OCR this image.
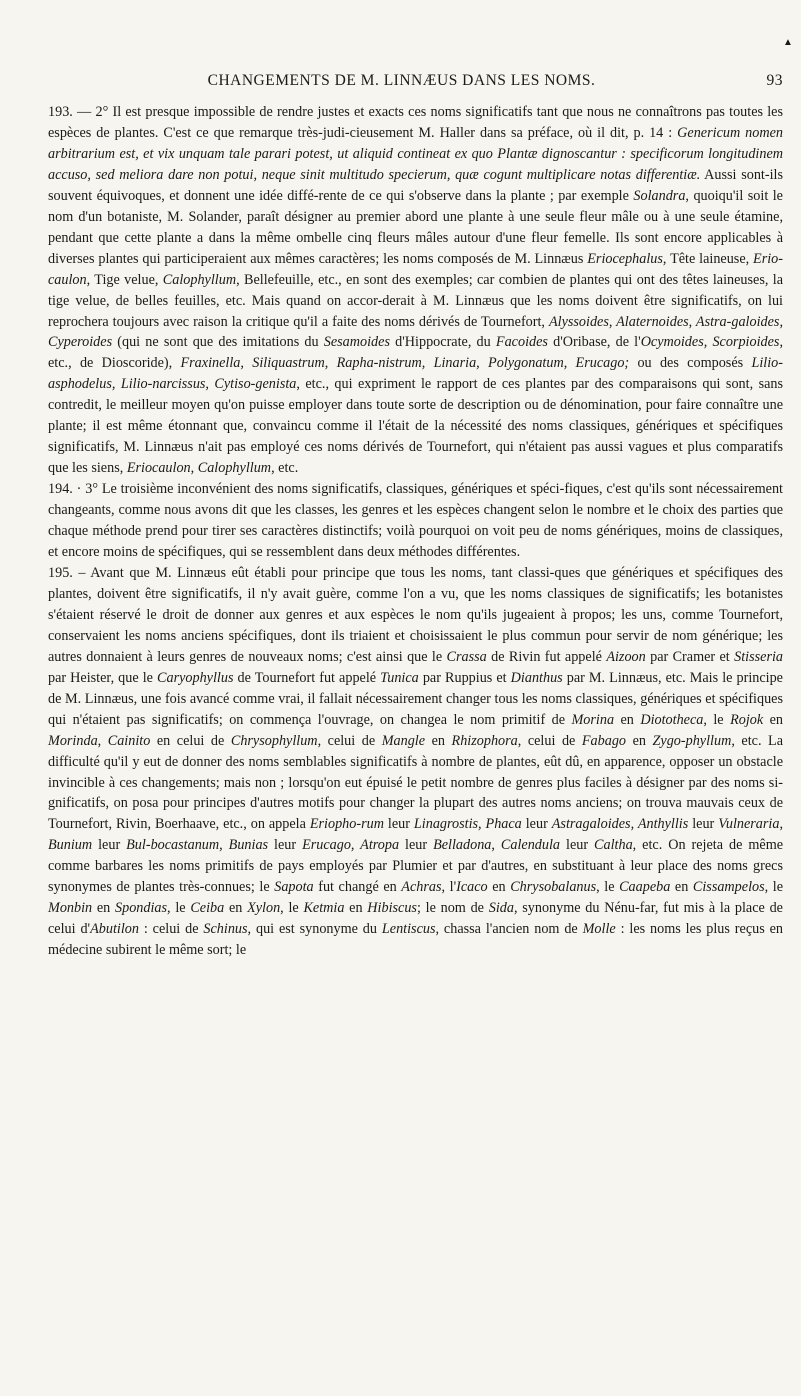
▲
CHANGEMENTS DE M. LINNÆUS DANS LES NOMS.	93

193. — 2° Il est presque impossible de rendre justes et exacts ces noms significatifs tant que nous ne connaîtrons pas toutes les espèces de plantes. C'est ce que remarque très-judi-cieusement M. Haller dans sa préface, où il dit, p. 14 : Genericum nomen arbitrarium est, et vix unquam tale parari potest, ut aliquid contineat ex quo Plantæ dignoscantur : specificorum longitudinem accuso, sed meliora dare non potui, neque sinit multitudo specierum, quæ cogunt multiplicare notas differentiæ. Aussi sont-ils souvent équivoques, et donnent une idée diffé-rente de ce qui s'observe dans la plante ; par exemple Solandra, quoiqu'il soit le nom d'un botaniste, M. Solander, paraît désigner au premier abord une plante à une seule fleur mâle ou à une seule étamine, pendant que cette plante a dans la même ombelle cinq fleurs mâles autour d'une fleur femelle. Ils sont encore applicables à diverses plantes qui participeraient aux mêmes caractères; les noms composés de M. Linnæus Eriocephalus, Tête laineuse, Erio-caulon, Tige velue, Calophyllum, Bellefeuille, etc., en sont des exemples; car combien de plantes qui ont des têtes laineuses, la tige velue, de belles feuilles, etc. Mais quand on accor-derait à M. Linnæus que les noms doivent être significatifs, on lui reprochera toujours avec raison la critique qu'il a faite des noms dérivés de Tournefort, Alyssoides, Alaternoides, Astra-galoides, Cyperoides (qui ne sont que des imitations du Sesamoides d'Hippocrate, du Facoides d'Oribase, de l'Ocymoides, Scorpioides, etc., de Dioscoride), Fraxinella, Siliquastrum, Rapha-nistrum, Linaria, Polygonatum, Erucago; ou des composés Lilio-asphodelus, Lilio-narcissus, Cytiso-genista, etc., qui expriment le rapport de ces plantes par des comparaisons qui sont, sans contredit, le meilleur moyen qu'on puisse employer dans toute sorte de description ou de dénomination, pour faire connaître une plante; il est même étonnant que, convaincu comme il l'était de la nécessité des noms classiques, génériques et spécifiques significatifs, M. Linnæus n'ait pas employé ces noms dérivés de Tournefort, qui n'étaient pas aussi vagues et plus comparatifs que les siens, Eriocaulon, Calophyllum, etc.

194. · 3° Le troisième inconvénient des noms significatifs, classiques, génériques et spéci-fiques, c'est qu'ils sont nécessairement changeants, comme nous avons dit que les classes, les genres et les espèces changent selon le nombre et le choix des parties que chaque méthode prend pour tirer ses caractères distinctifs; voilà pourquoi on voit peu de noms génériques, moins de classiques, et encore moins de spécifiques, qui se ressemblent dans deux méthodes différentes.

195. – Avant que M. Linnæus eût établi pour principe que tous les noms, tant classi-ques que génériques et spécifiques des plantes, doivent être significatifs, il n'y avait guère, comme l'on a vu, que les noms classiques de significatifs; les botanistes s'étaient réservé le droit de donner aux genres et aux espèces le nom qu'ils jugeaient à propos; les uns, comme Tournefort, conservaient les noms anciens spécifiques, dont ils triaient et choisissaient le plus commun pour servir de nom générique; les autres donnaient à leurs genres de nouveaux noms; c'est ainsi que le Crassa de Rivin fut appelé Aizoon par Cramer et Stisseria par Heister, que le Caryophyllus de Tournefort fut appelé Tunica par Ruppius et Dianthus par M. Linnæus, etc. Mais le principe de M. Linnæus, une fois avancé comme vrai, il fallait nécessairement changer tous les noms classiques, génériques et spécifiques qui n'étaient pas significatifs; on commença l'ouvrage, on changea le nom primitif de Morina en Diototheca, le Rojok en Morinda, Cainito en celui de Chrysophyllum, celui de Mangle en Rhizophora, celui de Fabago en Zygo-phyllum, etc. La difficulté qu'il y eut de donner des noms semblables significatifs à nombre de plantes, eût dû, en apparence, opposer un obstacle invincible à ces changements; mais non ; lorsqu'on eut épuisé le petit nombre de genres plus faciles à désigner par des noms si-gnificatifs, on posa pour principes d'autres motifs pour changer la plupart des autres noms anciens; on trouva mauvais ceux de Tournefort, Rivin, Boerhaave, etc., on appela Eriopho-rum leur Linagrostis, Phaca leur Astragaloides, Anthyllis leur Vulneraria, Bunium leur Bul-bocastanum, Bunias leur Erucago, Atropa leur Belladona, Calendula leur Caltha, etc. On rejeta de même comme barbares les noms primitifs de pays employés par Plumier et par d'autres, en substituant à leur place des noms grecs synonymes de plantes très-connues; le Sapota fut changé en Achras, l'Icaco en Chrysobalanus, le Caapeba en Cissampelos, le Monbin en Spondias, le Ceiba en Xylon, le Ketmia en Hibiscus; le nom de Sida, synonyme du Nénu-far, fut mis à la place de celui d'Abutilon : celui de Schinus, qui est synonyme du Lentiscus, chassa l'ancien nom de Molle : les noms les plus reçus en médecine subirent le même sort; le
